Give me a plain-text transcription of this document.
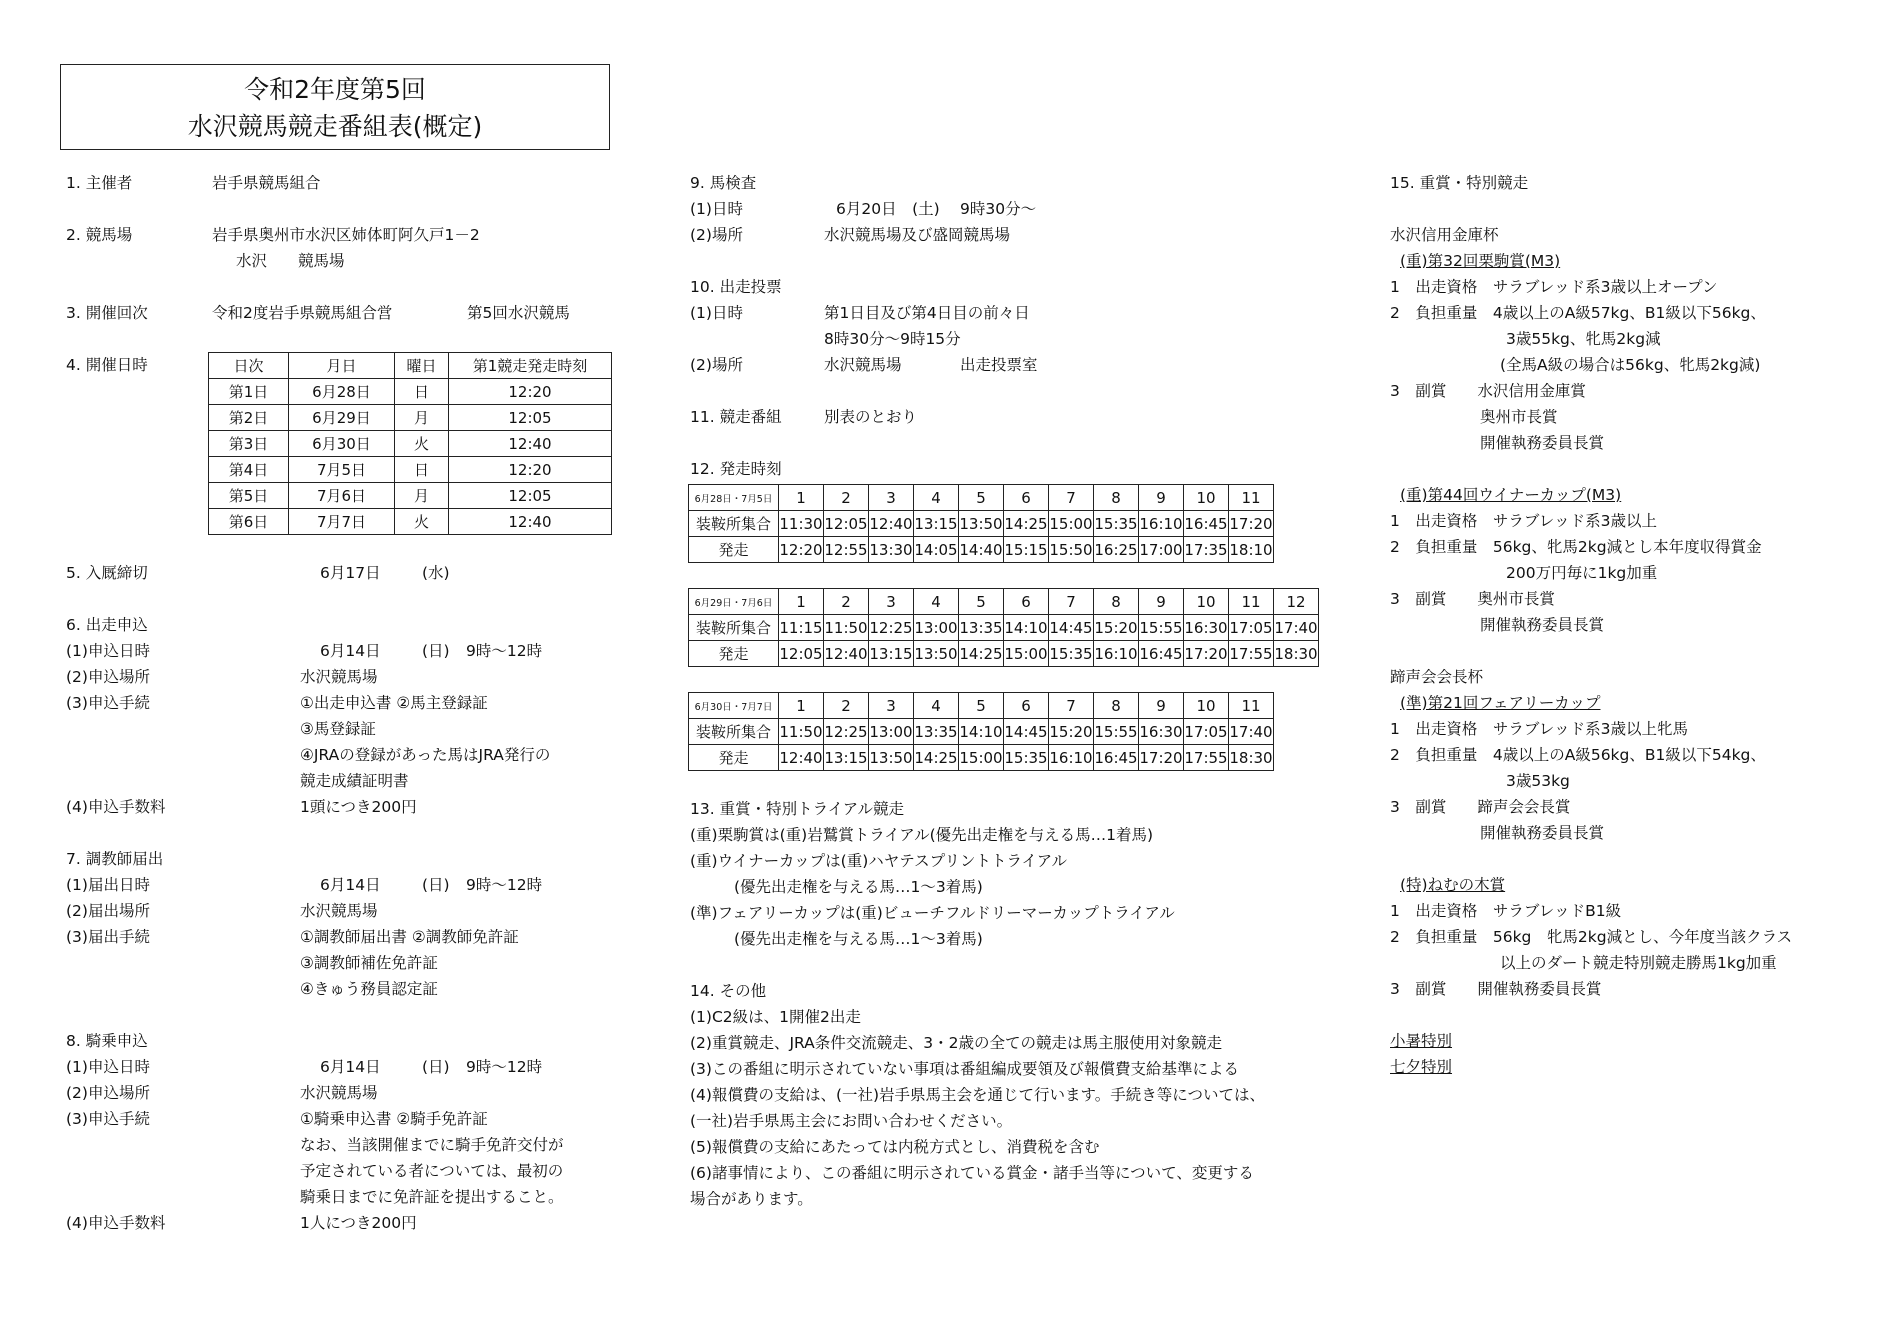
令和2年度第5回
水沢競馬競走番組表(概定)
1. 主催者	岩手県競馬組合
2. 競馬場	岩手県奥州市水沢区姉体町阿久戸1－2
水沢　　競馬場
3. 開催回次	令和2度岩手県競馬組合営	第5回水沢競馬
4. 開催日時	日次	月日	曜日	第1競走発走時刻
第1日	6月28日	日	12:20
第2日	6月29日	月	12:05
第3日	6月30日	火	12:40
第4日	7月5日	日	12:20
第5日	7月6日	月	12:05
第6日	7月7日	火	12:40
5. 入厩締切	6月17日	(水)
6. 出走申込
(1)申込日時	6月14日	(日) 9時～12時
(2)申込場所	水沢競馬場
(3)申込手続	①出走申込書 ②馬主登録証
③馬登録証
④JRAの登録があった馬はJRA発行の
競走成績証明書
(4)申込手数料	1頭につき200円
7. 調教師届出
(1)届出日時	6月14日	(日) 9時～12時
(2)届出場所	水沢競馬場
(3)届出手続	①調教師届出書 ②調教師免許証
③調教師補佐免許証
④きゅう務員認定証
8. 騎乗申込
(1)申込日時	6月14日	(日) 9時～12時
(2)申込場所	水沢競馬場
(3)申込手続	①騎乗申込書 ②騎手免許証
なお、当該開催までに騎手免許交付が
予定されている者については、最初の
騎乗日までに免許証を提出すること。
(4)申込手数料	1人につき200円
9. 馬検査
(1)日時	6月20日　(土) 9時30分～
(2)場所	水沢競馬場及び盛岡競馬場
10. 出走投票
(1)日時	第1日目及び第4日目の前々日
8時30分～9時15分
(2)場所	水沢競馬場	出走投票室
11. 競走番組	別表のとおり
12. 発走時刻
6月28日・7月5日	1	2	3	4	5	6	7	8	9	10	11
装鞍所集合	11:30	12:05	12:40	13:15	13:50	14:25	15:00	15:35	16:10	16:45	17:20
発走	12:20	12:55	13:30	14:05	14:40	15:15	15:50	16:25	17:00	17:35	18:10
6月29日・7月6日	1	2	3	4	5	6	7	8	9	10	11	12
装鞍所集合	11:15	11:50	12:25	13:00	13:35	14:10	14:45	15:20	15:55	16:30	17:05	17:40
発走	12:05	12:40	13:15	13:50	14:25	15:00	15:35	16:10	16:45	17:20	17:55	18:30
6月30日・7月7日	1	2	3	4	5	6	7	8	9	10	11
装鞍所集合	11:50	12:25	13:00	13:35	14:10	14:45	15:20	15:55	16:30	17:05	17:40
発走	12:40	13:15	13:50	14:25	15:00	15:35	16:10	16:45	17:20	17:55	18:30
13. 重賞・特別トライアル競走
(重)栗駒賞は(重)岩鷲賞トライアル(優先出走権を与える馬…1着馬)
(重)ウイナーカップは(重)ハヤテスプリントトライアル
(優先出走権を与える馬…1～3着馬)
(準)フェアリーカップは(重)ビューチフルドリーマーカップトライアル
(優先出走権を与える馬…1～3着馬)
14. その他
(1)C2級は、1開催2出走
(2)重賞競走、JRA条件交流競走、3・2歳の全ての競走は馬主服使用対象競走
(3)この番組に明示されていない事項は番組編成要領及び報償費支給基準による
(4)報償費の支給は、(一社)岩手県馬主会を通じて行います。手続き等については、
(一社)岩手県馬主会にお問い合わせください。
(5)報償費の支給にあたっては内税方式とし、消費税を含む
(6)諸事情により、この番組に明示されている賞金・諸手当等について、変更する
場合があります。
15. 重賞・特別競走
水沢信用金庫杯
(重)第32回栗駒賞(M3)
1　出走資格　サラブレッド系3歳以上オープン
2　負担重量　4歳以上のA級57kg、B1級以下56kg、
3歳55kg、牝馬2kg減
(全馬A級の場合は56kg、牝馬2kg減)
3　副賞　　水沢信用金庫賞
奥州市長賞
開催執務委員長賞
(重)第44回ウイナーカップ(M3)
1　出走資格　サラブレッド系3歳以上
2　負担重量　56kg、牝馬2kg減とし本年度収得賞金
200万円毎に1kg加重
3　副賞　　奥州市長賞
開催執務委員長賞
蹄声会会長杯
(準)第21回フェアリーカップ
1　出走資格　サラブレッド系3歳以上牝馬
2　負担重量　4歳以上のA級56kg、B1級以下54kg、
3歳53kg
3　副賞　　蹄声会会長賞
開催執務委員長賞
(特)ねむの木賞
1　出走資格　サラブレッドB1級
2　負担重量　56kg　牝馬2kg減とし、今年度当該クラス
以上のダート競走特別競走勝馬1kg加重
3　副賞　　開催執務委員長賞
小暑特別
七夕特別
